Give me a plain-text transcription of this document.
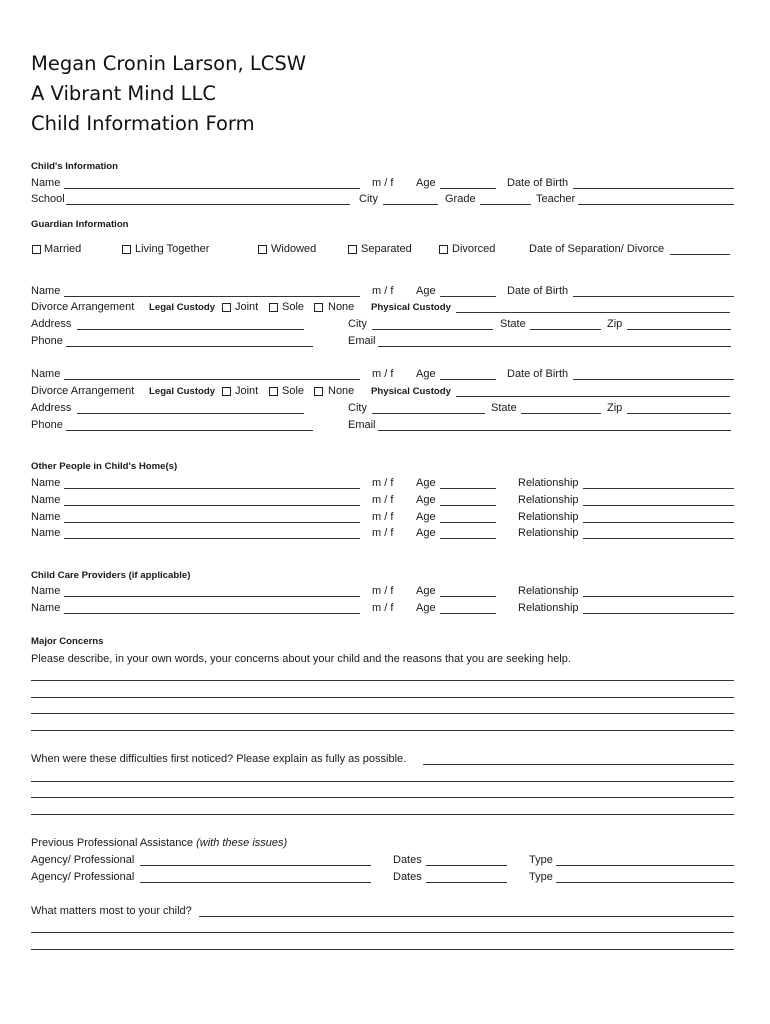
Megan Cronin Larson, LCSW
A Vibrant Mind LLC
Child Information Form
Child's Information
Name	m / f Age	Date of Birth
School	City	Grade	Teacher
Guardian Information
Married	Living Together	Widowed	Separated	Divorced	Date of Separation/ Divorce
Name	m / f Age	Date of Birth
Divorce Arrangement Legal Custody Joint Sole None Physical Custody
Address	City	State	Zip
Phone	Email
Name	m / f Age	Date of Birth
Divorce Arrangement Legal Custody Joint Sole None Physical Custody
Address	City	State	Zip
Phone	Email
Other People in Child's Home(s)
Name	m / f Age	Relationship
Name	m / f Age	Relationship
Name	m / f Age	Relationship
Name	m / f Age	Relationship
Child Care Providers (if applicable)
Name	m / f Age	Relationship
Name	m / f Age	Relationship
Major Concerns
Please describe, in your own words, your concerns about your child and the reasons that you are seeking help.
When were these difficulties first noticed? Please explain as fully as possible.
Previous Professional Assistance (with these issues)
Agency/ Professional	Dates	Type
Agency/ Professional	Dates	Type
What matters most to your child?
